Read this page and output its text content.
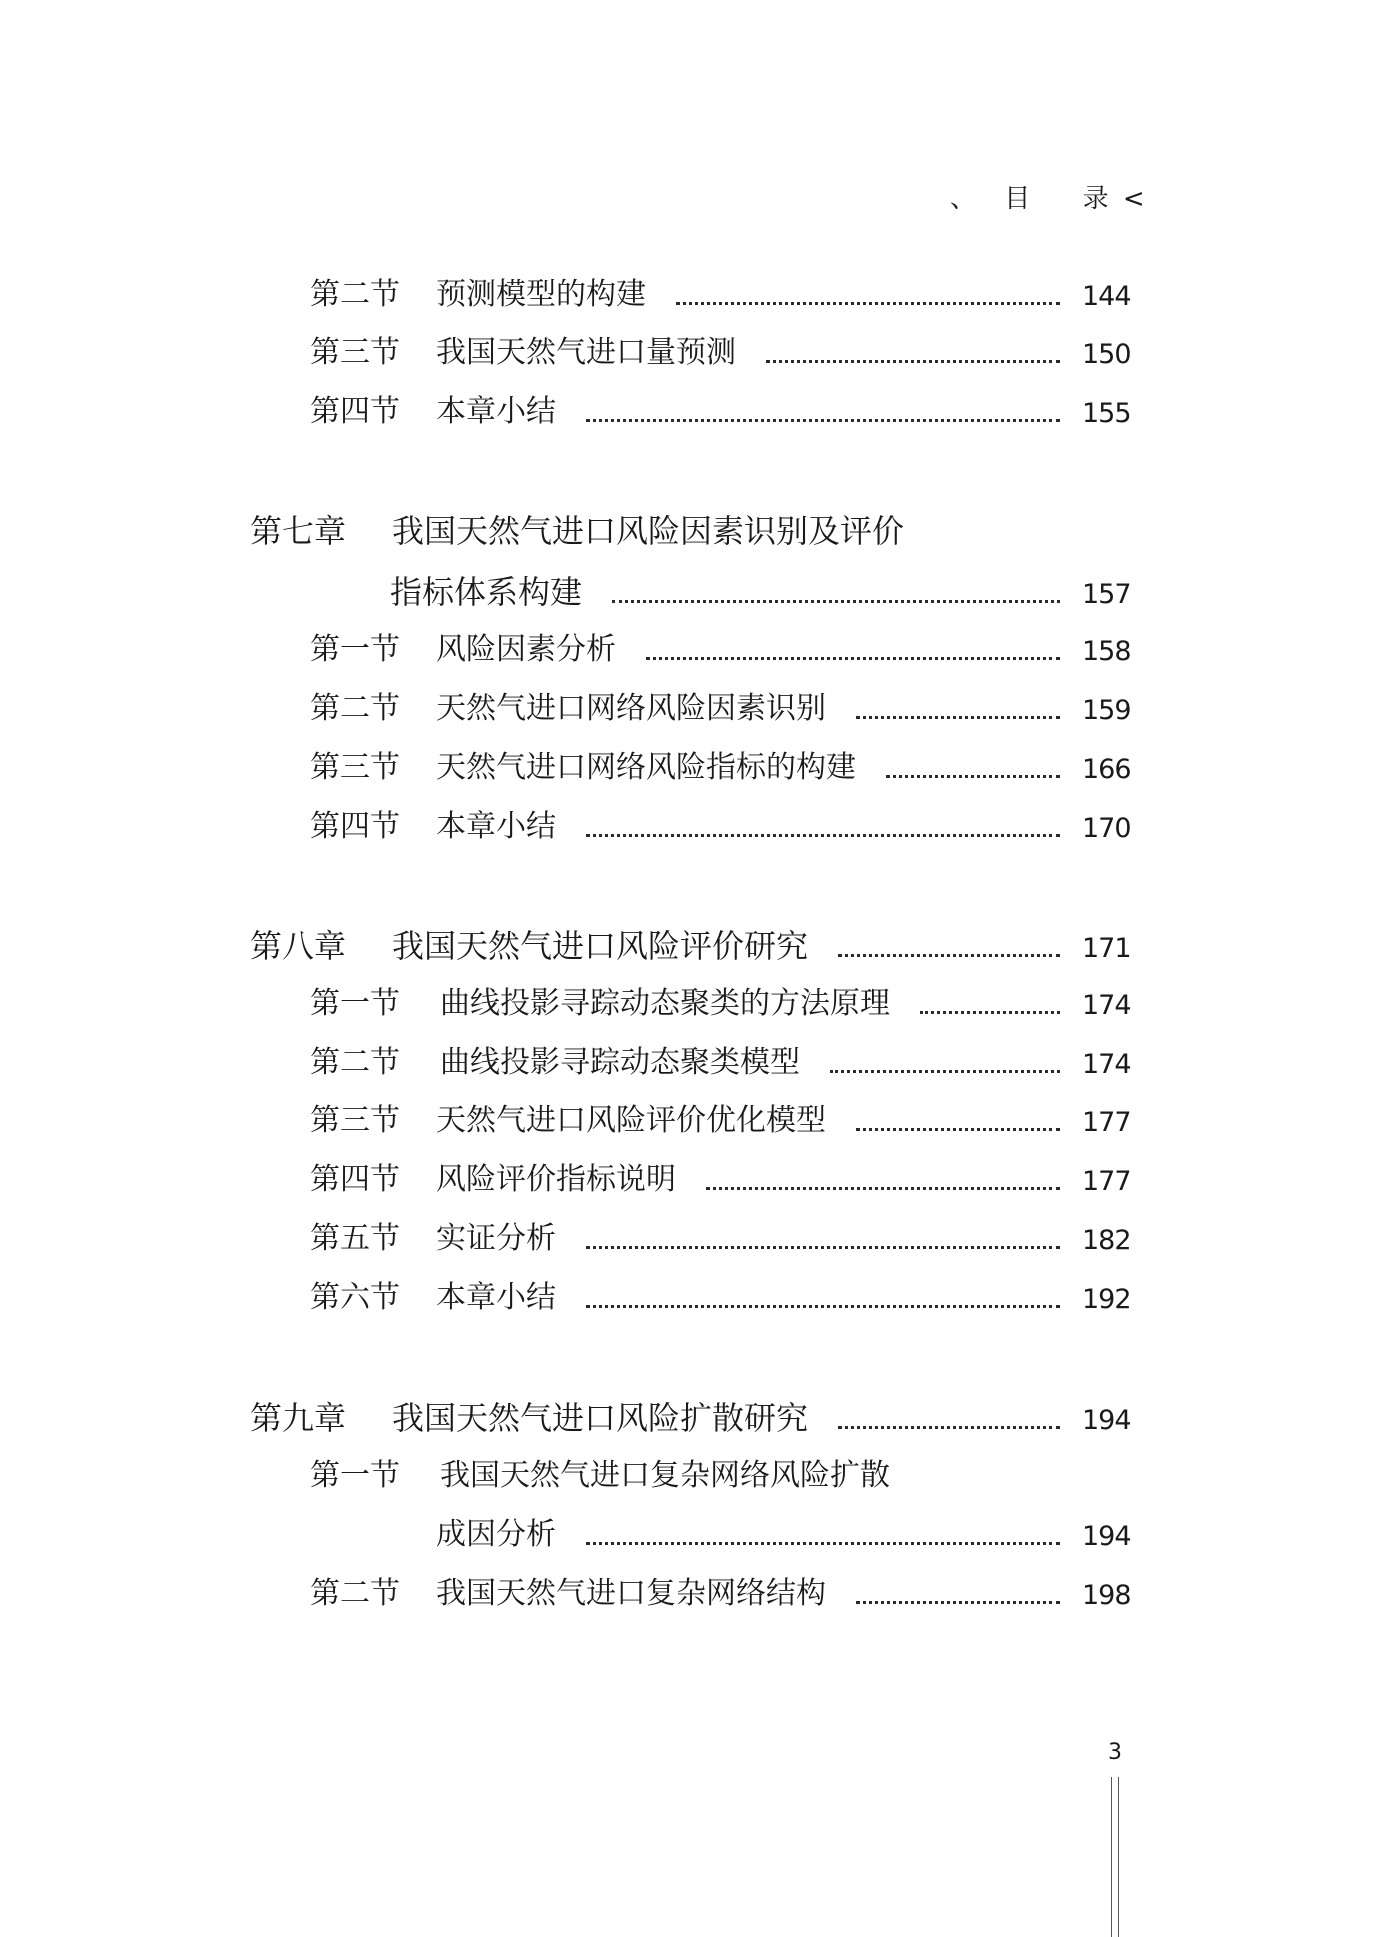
、 目 录 <
第二节	预测模型的构建	144
第三节	我国天然气进口量预测	150
第四节	本章小结	155
第七章	我国天然气进口风险因素识别及评价
指标体系构建	157
第一节	风险因素分析	158
第二节	天然气进口网络风险因素识别	159
第三节	天然气进口网络风险指标的构建	166
第四节	本章小结	170
第八章	我国天然气进口风险评价研究	171
第一节	曲线投影寻踪动态聚类的方法原理	174
第二节	曲线投影寻踪动态聚类模型	174
第三节	天然气进口风险评价优化模型	177
第四节	风险评价指标说明	177
第五节	实证分析	182
第六节	本章小结	192
第九章	我国天然气进口风险扩散研究	194
第一节	我国天然气进口复杂网络风险扩散
成因分析	194
第二节	我国天然气进口复杂网络结构	198
3
